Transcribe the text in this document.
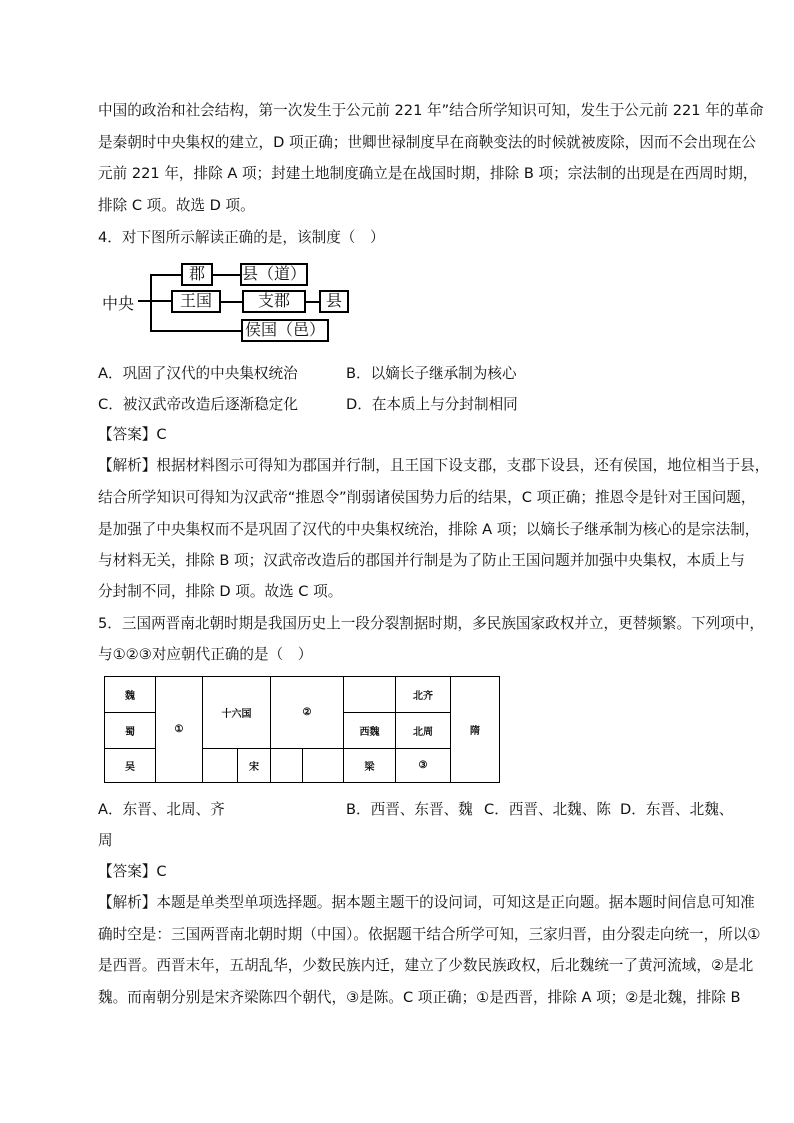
中国的政治和社会结构，第一次发生于公元前 221 年”结合所学知识可知，发生于公元前 221 年的革命
是秦朝时中央集权的建立，D 项正确；世卿世禄制度早在商鞅变法的时候就被废除，因而不会出现在公
元前 221 年，排除 A 项；封建土地制度确立是在战国时期，排除 B 项；宗法制的出现是在西周时期，
排除 C 项。故选 D 项。
4．对下图所示解读正确的是，该制度（　）
中央
郡	县（道）
王国	支郡	县
侯国（邑）
A．巩固了汉代的中央集权统治	B．以嫡长子继承制为核心
C．被汉武帝改造后逐渐稳定化	D．在本质上与分封制相同
【答案】C
【解析】根据材料图示可得知为郡国并行制，且王国下设支郡，支郡下设县，还有侯国，地位相当于县，
结合所学知识可得知为汉武帝“推恩令”削弱诸侯国势力后的结果，C 项正确；推恩令是针对王国问题，
是加强了中央集权而不是巩固了汉代的中央集权统治，排除 A 项；以嫡长子继承制为核心的是宗法制，
与材料无关，排除 B 项；汉武帝改造后的郡国并行制是为了防止王国问题并加强中央集权，本质上与
分封制不同，排除 D 项。故选 C 项。
5．三国两晋南北朝时期是我国历史上一段分裂割据时期，多民族国家政权并立，更替频繁。下列项中，
与①②③对应朝代正确的是（　）
魏	①	十六国		②			北齐	隋
蜀						西魏	北周	
吴			宋			梁	③	
A．东晋、北周、齐	B．西晋、东晋、魏 C．西晋、北魏、陈 D．东晋、北魏、
周
【答案】C
【解析】本题是单类型单项选择题。据本题主题干的设问词，可知这是正向题。据本题时间信息可知准
确时空是：三国两晋南北朝时期（中国）。依据题干结合所学可知，三家归晋，由分裂走向统一，所以①
是西晋。西晋末年，五胡乱华，少数民族内迁，建立了少数民族政权，后北魏统一了黄河流域，②是北
魏。而南朝分别是宋齐梁陈四个朝代，③是陈。C 项正确；①是西晋，排除 A 项；②是北魏，排除 B
